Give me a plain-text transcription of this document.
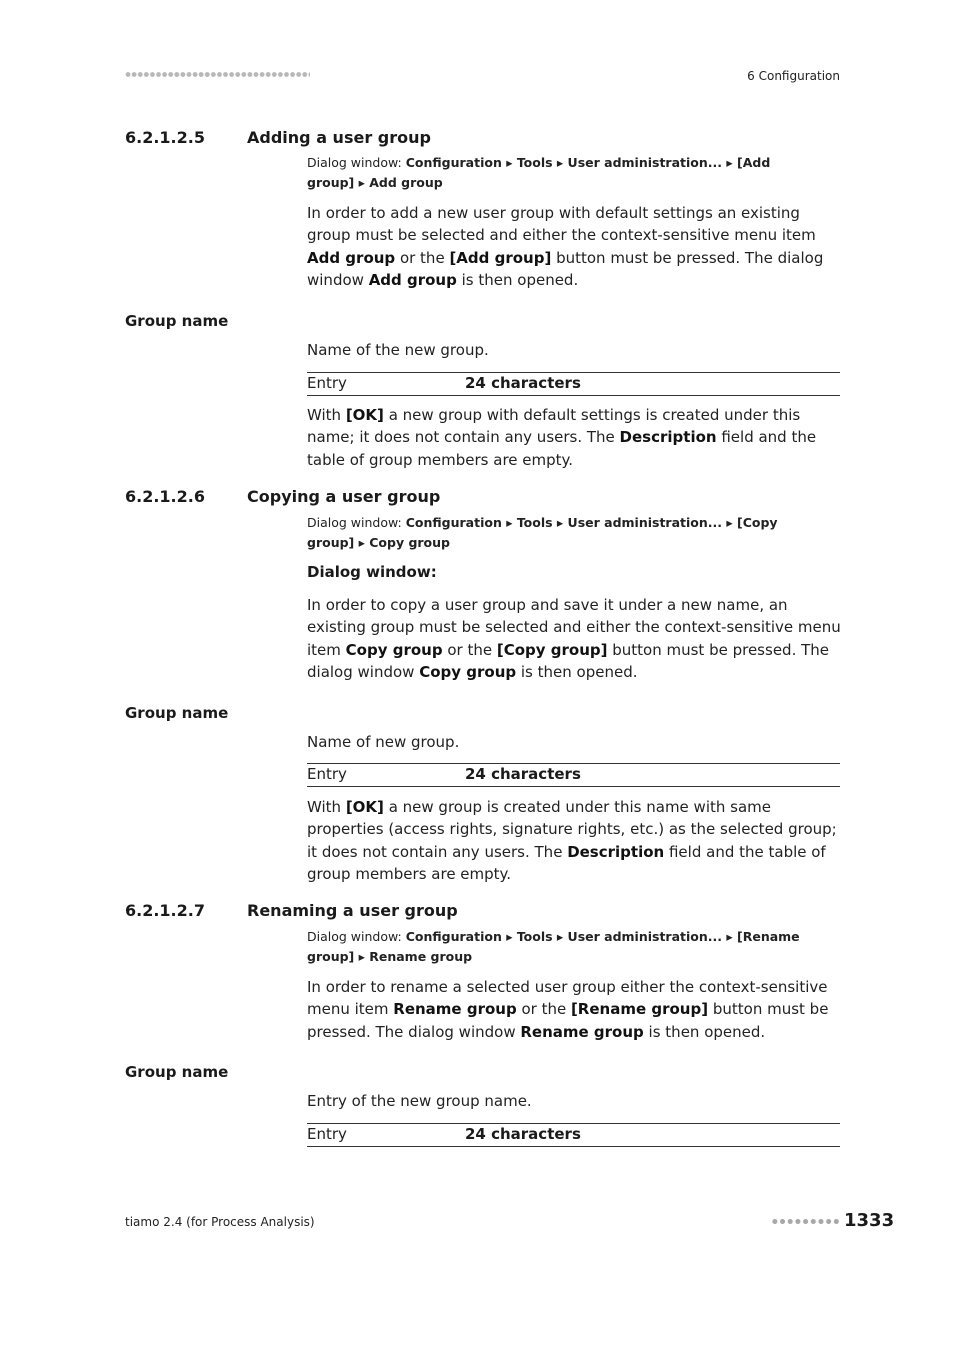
6 Configuration
6.2.1.2.5	Adding a user group
Dialog window: Configuration ▸ Tools ▸ User administration... ▸ [Add
group] ▸ Add group
In order to add a new user group with default settings an existing group must be selected and either the context-sensitive menu item Add group or the [Add group] button must be pressed. The dialog window Add group is then opened.
Group name
Name of the new group.
Entry	24 characters
With [OK] a new group with default settings is created under this name; it does not contain any users. The Description field and the table of group members are empty.
6.2.1.2.6	Copying a user group
Dialog window: Configuration ▸ Tools ▸ User administration... ▸ [Copy
group] ▸ Copy group
Dialog window:
In order to copy a user group and save it under a new name, an existing group must be selected and either the context-sensitive menu item Copy group or the [Copy group] button must be pressed. The dialog window Copy group is then opened.
Group name
Name of new group.
Entry	24 characters
With [OK] a new group is created under this name with same properties (access rights, signature rights, etc.) as the selected group; it does not contain any users. The Description field and the table of group members are empty.
6.2.1.2.7	Renaming a user group
Dialog window: Configuration ▸ Tools ▸ User administration... ▸ [Rename
group] ▸ Rename group
In order to rename a selected user group either the context-sensitive menu item Rename group or the [Rename group] button must be pressed. The dialog window Rename group is then opened.
Group name
Entry of the new group name.
Entry	24 characters
tiamo 2.4 (for Process Analysis)	1333
